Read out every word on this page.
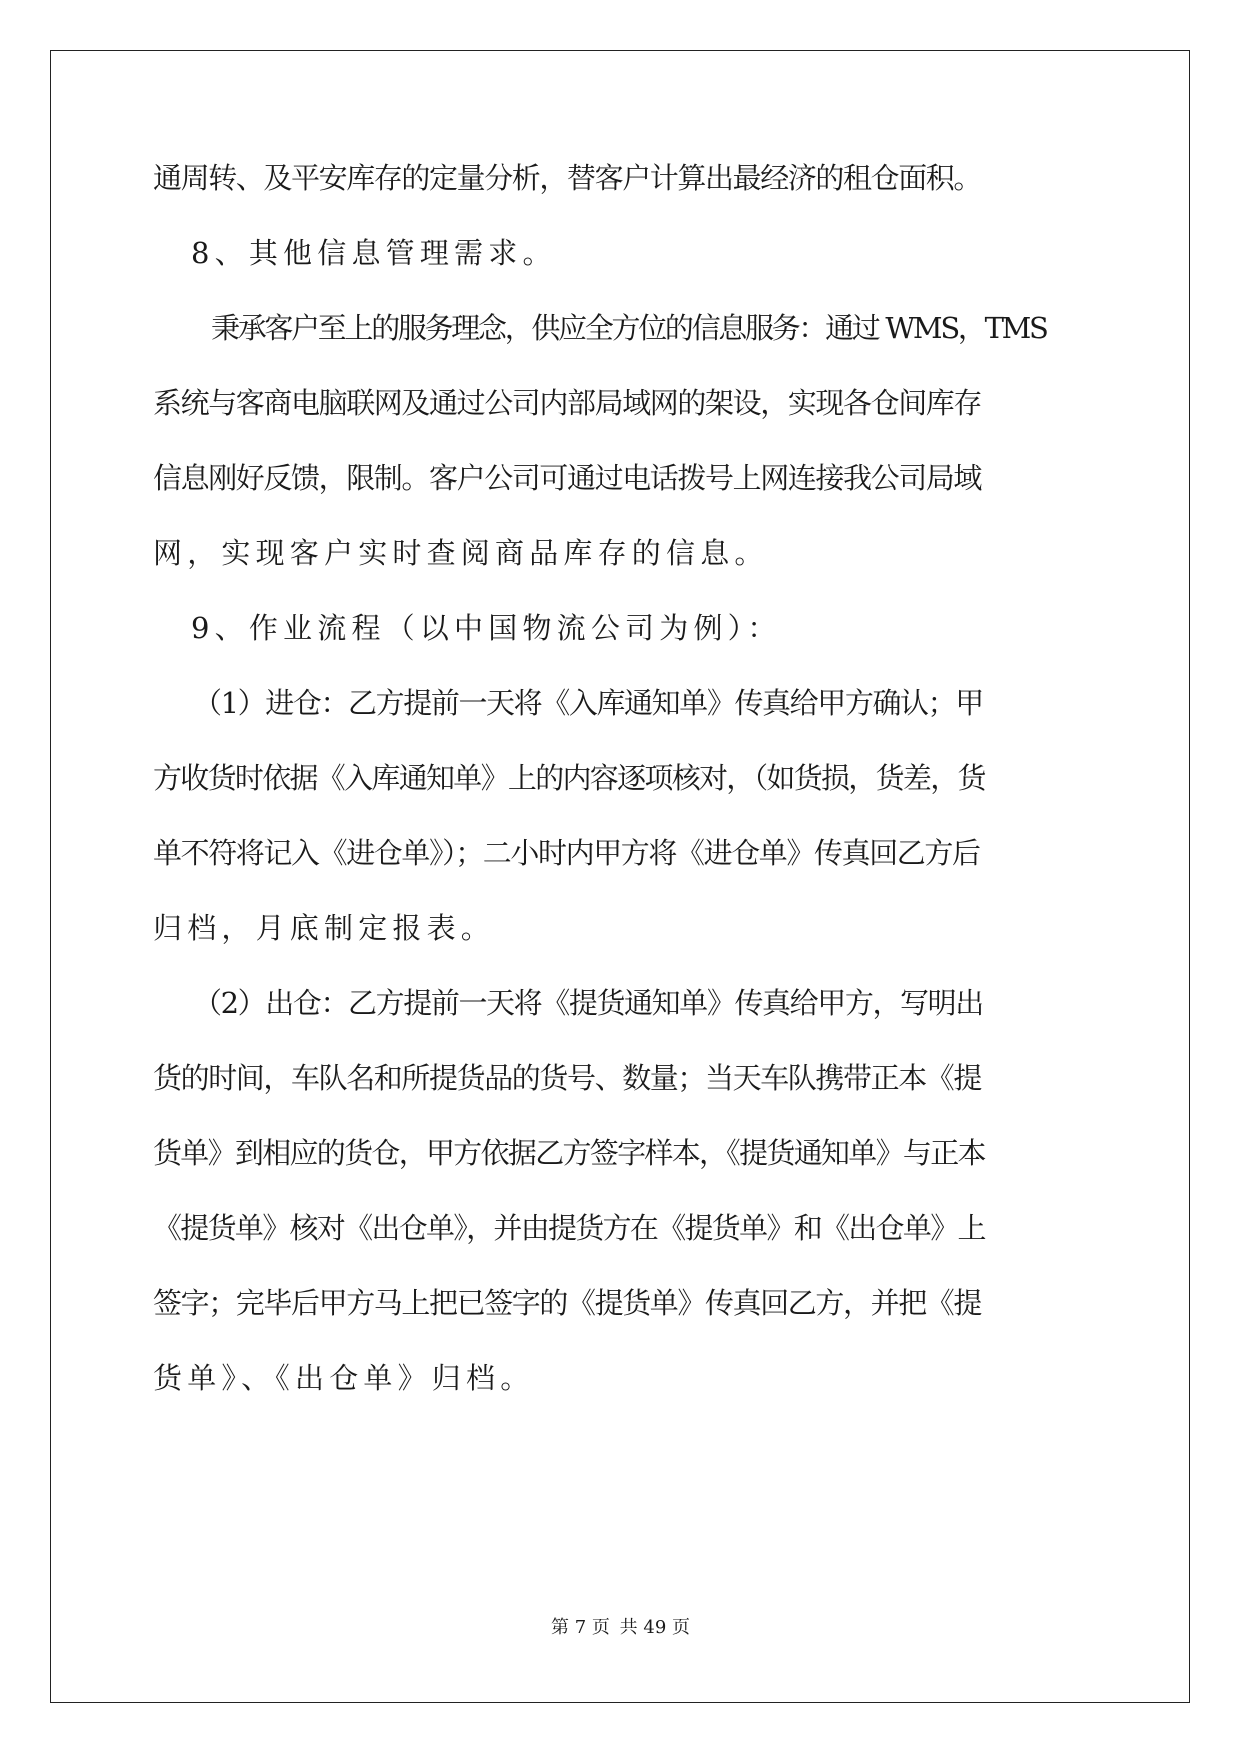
通周转、及平安库存的定量分析，替客户计算出最经济的租仓面积。
8、其他信息管理需求。
秉承客户至上的服务理念，供应全方位的信息服务：通过 WMS，TMS
系统与客商电脑联网及通过公司内部局域网的架设，实现各仓间库存
信息刚好反馈，限制。客户公司可通过电话拨号上网连接我公司局域
网，实现客户实时查阅商品库存的信息。
9、作业流程（以中国物流公司为例）：
（1）进仓：乙方提前一天将《入库通知单》传真给甲方确认；甲
方收货时依据《入库通知单》上的内容逐项核对，（如货损，货差，货
单不符将记入《进仓单》）；二小时内甲方将《进仓单》传真回乙方后
归档，月底制定报表。
（2）出仓：乙方提前一天将《提货通知单》传真给甲方，写明出
货的时间，车队名和所提货品的货号、数量；当天车队携带正本《提
货单》到相应的货仓，甲方依据乙方签字样本，《提货通知单》与正本
《提货单》核对《出仓单》，并由提货方在《提货单》和《出仓单》上
签字；完毕后甲方马上把已签字的《提货单》传真回乙方，并把《提
货单》、《出仓单》归档。
第 7 页 共 49 页
